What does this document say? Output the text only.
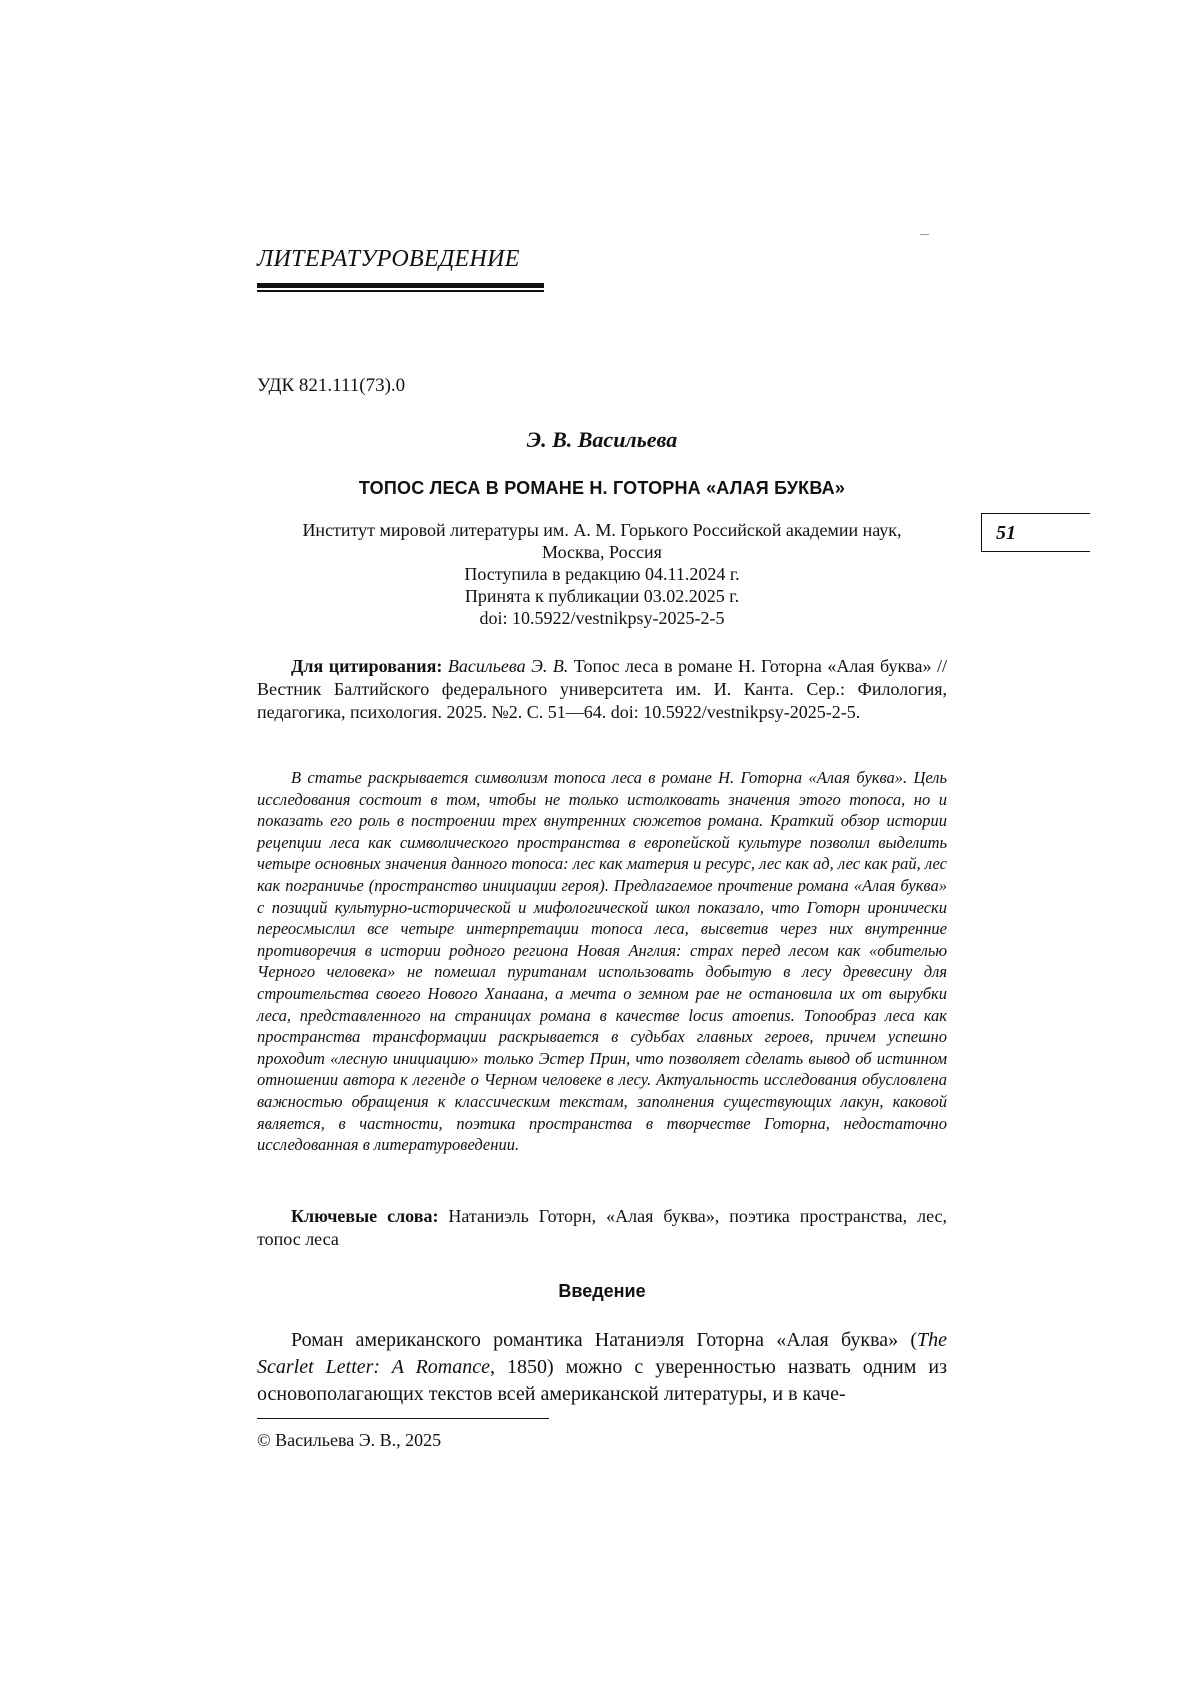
ЛИТЕРАТУРОВЕДЕНИЕ
УДК 821.111(73).0
Э. В. Васильева
ТОПОС ЛЕСА В РОМАНЕ Н. ГОТОРНА «АЛАЯ БУКВА»
Институт мировой литературы им. А. М. Горького Российской академии наук,
Москва, Россия
Поступила в редакцию 04.11.2024 г.
Принята к публикации 03.02.2025 г.
doi: 10.5922/vestnikpsy-2025-2-5
51
Для цитирования: Васильева Э. В. Топос леса в романе Н. Готорна «Алая буква» // Вестник Балтийского федерального университета им. И. Канта. Сер.: Филология, педагогика, психология. 2025. №2. С. 51—64. doi: 10.5922/vestnikpsy-2025-2-5.
В статье раскрывается символизм топоса леса в романе Н. Готорна «Алая буква». Цель исследования состоит в том, чтобы не только истолковать значения этого топоса, но и показать его роль в построении трех внутренних сюжетов романа. Краткий обзор истории рецепции леса как символического пространства в европейской культуре позволил выделить четыре основных значения данного топоса: лес как материя и ресурс, лес как ад, лес как рай, лес как пограничье (пространство инициации героя). Предлагаемое прочтение романа «Алая буква» с позиций культурно-исторической и мифологической школ показало, что Готорн иронически переосмыслил все четыре интерпретации топоса леса, высветив через них внутренние противоречия в истории родного региона Новая Англия: страх перед лесом как «обителью Черного человека» не помешал пуританам использовать добытую в лесу древесину для строительства своего Нового Ханаана, а мечта о земном рае не остановила их от вырубки леса, представленного на страницах романа в качестве locus amoenus. Топообраз леса как пространства трансформации раскрывается в судьбах главных героев, причем успешно проходит «лесную инициацию» только Эстер Прин, что позволяет сделать вывод об истинном отношении автора к легенде о Черном человеке в лесу. Актуальность исследования обусловлена важностью обращения к классическим текстам, заполнения существующих лакун, каковой является, в частности, поэтика пространства в творчестве Готорна, недостаточно исследованная в литературоведении.
Ключевые слова: Натаниэль Готорн, «Алая буква», поэтика пространства, лес, топос леса
Введение
Роман американского романтика Натаниэля Готорна «Алая буква» (The Scarlet Letter: A Romance, 1850) можно с уверенностью назвать одним из основополагающих текстов всей американской литературы, и в каче-
© Васильева Э. В., 2025
